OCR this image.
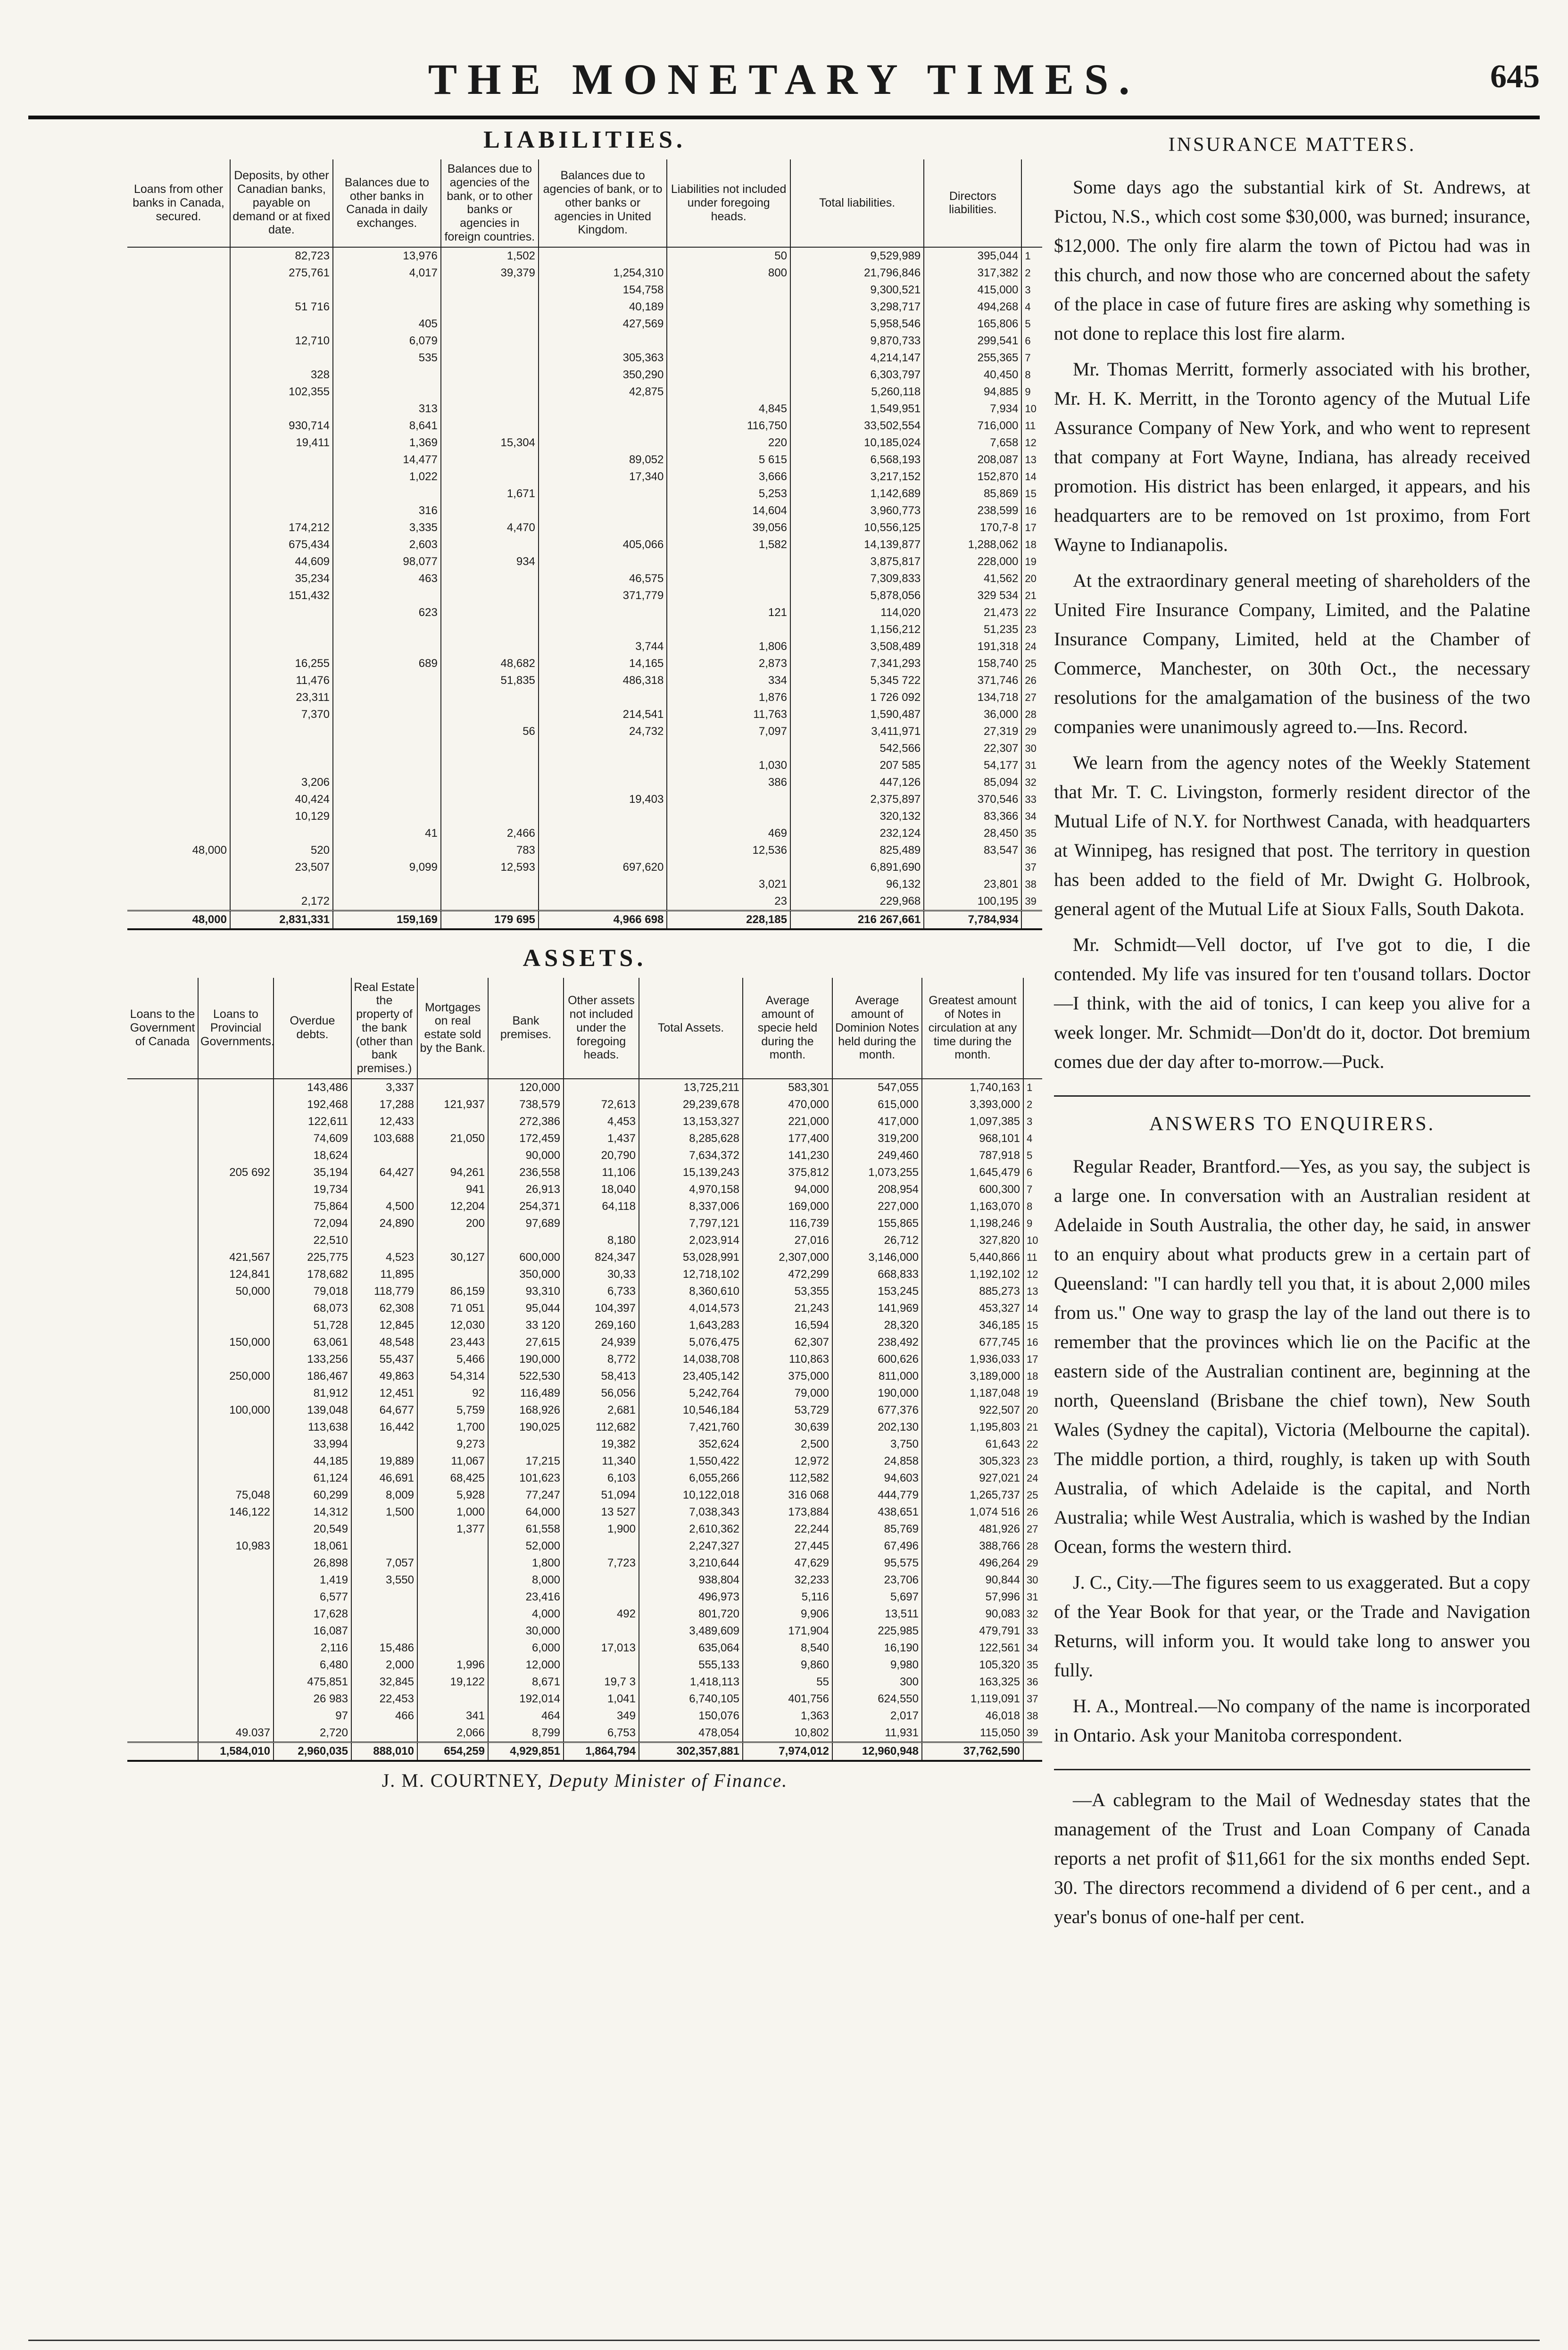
THE MONETARY TIMES.	645
LIABILITIES.
Loans from other banks in Canada, secured.	Deposits, by other Canadian banks, payable on demand or at fixed date.	Balances due to other banks in Canada in daily exchanges.	Balances due to agencies of the bank, or to other banks or agencies in foreign countries.	Balances due to agencies of bank, or to other banks or agencies in United Kingdom.	Liabilities not included under foregoing heads.	Total liabilities.	Directors liabilities.	
	82,723	13,976	1,502		50	9,529,989	395,044	1
	275,761	4,017	39,379	1,254,310	800	21,796,846	317,382	2
				154,758		9,300,521	415,000	3
	51 716			40,189		3,298,717	494,268	4
		405		427,569		5,958,546	165,806	5
	12,710	6,079				9,870,733	299,541	6
		535		305,363		4,214,147	255,365	7
	328			350,290		6,303,797	40,450	8
	102,355			42,875		5,260,118	94,885	9
		313			4,845	1,549,951	7,934	10
	930,714	8,641			116,750	33,502,554	716,000	11
	19,411	1,369	15,304		220	10,185,024	7,658	12
		14,477		89,052	5 615	6,568,193	208,087	13
		1,022		17,340	3,666	3,217,152	152,870	14
			1,671		5,253	1,142,689	85,869	15
		316			14,604	3,960,773	238,599	16
	174,212	3,335	4,470		39,056	10,556,125	170,7-8	17
	675,434	2,603		405,066	1,582	14,139,877	1,288,062	18
	44,609	98,077	934			3,875,817	228,000	19
	35,234	463		46,575		7,309,833	41,562	20
	151,432			371,779		5,878,056	329 534	21
		623			121	114,020	21,473	22
						1,156,212	51,235	23
				3,744	1,806	3,508,489	191,318	24
	16,255	689	48,682	14,165	2,873	7,341,293	158,740	25
	11,476		51,835	486,318	334	5,345 722	371,746	26
	23,311				1,876	1 726 092	134,718	27
	7,370			214,541	11,763	1,590,487	36,000	28
			56	24,732	7,097	3,411,971	27,319	29
						542,566	22,307	30
					1,030	207 585	54,177	31
	3,206				386	447,126	85,094	32
	40,424			19,403		2,375,897	370,546	33
	10,129					320,132	83,366	34
		41	2,466		469	232,124	28,450	35
48,000	520		783		12,536	825,489	83,547	36
	23,507	9,099	12,593	697,620		6,891,690		37
					3,021	96,132	23,801	38
	2,172				23	229,968	100,195	39
48,000	2,831,331	159,169	179 695	4,966 698	228,185	216 267,661	7,784,934	
ASSETS.
Loans to the Government of Canada	Loans to Provincial Governments.	Overdue debts.	Real Estate the property of the bank (other than bank premises.)	Mortgages on real estate sold by the Bank.	Bank premises.	Other assets not included under the foregoing heads.	Total Assets.	Average amount of specie held during the month.	Average amount of Dominion Notes held during the month.	Greatest amount of Notes in circulation at any time during the month.	
		143,486	3,337		120,000		13,725,211	583,301	547,055	1,740,163	1
		192,468	17,288	121,937	738,579	72,613	29,239,678	470,000	615,000	3,393,000	2
		122,611	12,433		272,386	4,453	13,153,327	221,000	417,000	1,097,385	3
		74,609	103,688	21,050	172,459	1,437	8,285,628	177,400	319,200	968,101	4
		18,624			90,000	20,790	7,634,372	141,230	249,460	787,918	5
	205 692	35,194	64,427	94,261	236,558	11,106	15,139,243	375,812	1,073,255	1,645,479	6
		19,734		941	26,913	18,040	4,970,158	94,000	208,954	600,300	7
		75,864	4,500	12,204	254,371	64,118	8,337,006	169,000	227,000	1,163,070	8
		72,094	24,890	200	97,689		7,797,121	116,739	155,865	1,198,246	9
		22,510				8,180	2,023,914	27,016	26,712	327,820	10
	421,567	225,775	4,523	30,127	600,000	824,347	53,028,991	2,307,000	3,146,000	5,440,866	11
	124,841	178,682	11,895		350,000	30,33	12,718,102	472,299	668,833	1,192,102	12
	50,000	79,018	118,779	86,159	93,310	6,733	8,360,610	53,355	153,245	885,273	13
		68,073	62,308	71 051	95,044	104,397	4,014,573	21,243	141,969	453,327	14
		51,728	12,845	12,030	33 120	269,160	1,643,283	16,594	28,320	346,185	15
	150,000	63,061	48,548	23,443	27,615	24,939	5,076,475	62,307	238,492	677,745	16
		133,256	55,437	5,466	190,000	8,772	14,038,708	110,863	600,626	1,936,033	17
	250,000	186,467	49,863	54,314	522,530	58,413	23,405,142	375,000	811,000	3,189,000	18
		81,912	12,451	92	116,489	56,056	5,242,764	79,000	190,000	1,187,048	19
	100,000	139,048	64,677	5,759	168,926	2,681	10,546,184	53,729	677,376	922,507	20
		113,638	16,442	1,700	190,025	112,682	7,421,760	30,639	202,130	1,195,803	21
		33,994		9,273		19,382	352,624	2,500	3,750	61,643	22
		44,185	19,889	11,067	17,215	11,340	1,550,422	12,972	24,858	305,323	23
		61,124	46,691	68,425	101,623	6,103	6,055,266	112,582	94,603	927,021	24
	75,048	60,299	8,009	5,928	77,247	51,094	10,122,018	316 068	444,779	1,265,737	25
	146,122	14,312	1,500	1,000	64,000	13 527	7,038,343	173,884	438,651	1,074 516	26
		20,549		1,377	61,558	1,900	2,610,362	22,244	85,769	481,926	27
	10,983	18,061			52,000		2,247,327	27,445	67,496	388,766	28
		26,898	7,057		1,800	7,723	3,210,644	47,629	95,575	496,264	29
		1,419	3,550		8,000		938,804	32,233	23,706	90,844	30
		6,577			23,416		496,973	5,116	5,697	57,996	31
		17,628			4,000	492	801,720	9,906	13,511	90,083	32
		16,087			30,000		3,489,609	171,904	225,985	479,791	33
		2,116	15,486		6,000	17,013	635,064	8,540	16,190	122,561	34
		6,480	2,000	1,996	12,000		555,133	9,860	9,980	105,320	35
		475,851	32,845	19,122	8,671	19,7 3	1,418,113	55	300	163,325	36
		26 983	22,453		192,014	1,041	6,740,105	401,756	624,550	1,119,091	37
		97	466	341	464	349	150,076	1,363	2,017	46,018	38
	49.037	2,720		2,066	8,799	6,753	478,054	10,802	11,931	115,050	39
	1,584,010	2,960,035	888,010	654,259	4,929,851	1,864,794	302,357,881	7,974,012	12,960,948	37,762,590	
J. M. COURTNEY, Deputy Minister of Finance.
INSURANCE MATTERS.

Some days ago the substantial kirk of St. Andrews, at Pictou, N.S., which cost some $30,000, was burned; insurance, $12,000. The only fire alarm the town of Pictou had was in this church, and now those who are concerned about the safety of the place in case of future fires are asking why something is not done to replace this lost fire alarm.

Mr. Thomas Merritt, formerly associated with his brother, Mr. H. K. Merritt, in the Toronto agency of the Mutual Life Assurance Company of New York, and who went to represent that company at Fort Wayne, Indiana, has already received promotion. His district has been enlarged, it appears, and his headquarters are to be removed on 1st proximo, from Fort Wayne to Indianapolis.

At the extraordinary general meeting of shareholders of the United Fire Insurance Company, Limited, and the Palatine Insurance Company, Limited, held at the Chamber of Commerce, Manchester, on 30th Oct., the necessary resolutions for the amalgamation of the business of the two companies were unanimously agreed to.—Ins. Record.

We learn from the agency notes of the Weekly Statement that Mr. T. C. Livingston, formerly resident director of the Mutual Life of N.Y. for Northwest Canada, with headquarters at Winnipeg, has resigned that post. The territory in question has been added to the field of Mr. Dwight G. Holbrook, general agent of the Mutual Life at Sioux Falls, South Dakota.

Mr. Schmidt—Vell doctor, uf I've got to die, I die contended. My life vas insured for ten t'ousand tollars. Doctor—I think, with the aid of tonics, I can keep you alive for a week longer. Mr. Schmidt—Don'dt do it, doctor. Dot bremium comes due der day after to-morrow.—Puck.

ANSWERS TO ENQUIRERS.

Regular Reader, Brantford.—Yes, as you say, the subject is a large one. In conversation with an Australian resident at Adelaide in South Australia, the other day, he said, in answer to an enquiry about what products grew in a certain part of Queensland: "I can hardly tell you that, it is about 2,000 miles from us." One way to grasp the lay of the land out there is to remember that the provinces which lie on the Pacific at the eastern side of the Australian continent are, beginning at the north, Queensland (Brisbane the chief town), New South Wales (Sydney the capital), Victoria (Melbourne the capital). The middle portion, a third, roughly, is taken up with South Australia, of which Adelaide is the capital, and North Australia; while West Australia, which is washed by the Indian Ocean, forms the western third.

J. C., City.—The figures seem to us exaggerated. But a copy of the Year Book for that year, or the Trade and Navigation Returns, will inform you. It would take long to answer you fully.

H. A., Montreal.—No company of the name is incorporated in Ontario. Ask your Manitoba correspondent.

—A cablegram to the Mail of Wednesday states that the management of the Trust and Loan Company of Canada reports a net profit of $11,661 for the six months ended Sept. 30. The directors recommend a dividend of 6 per cent., and a year's bonus of one-half per cent.
